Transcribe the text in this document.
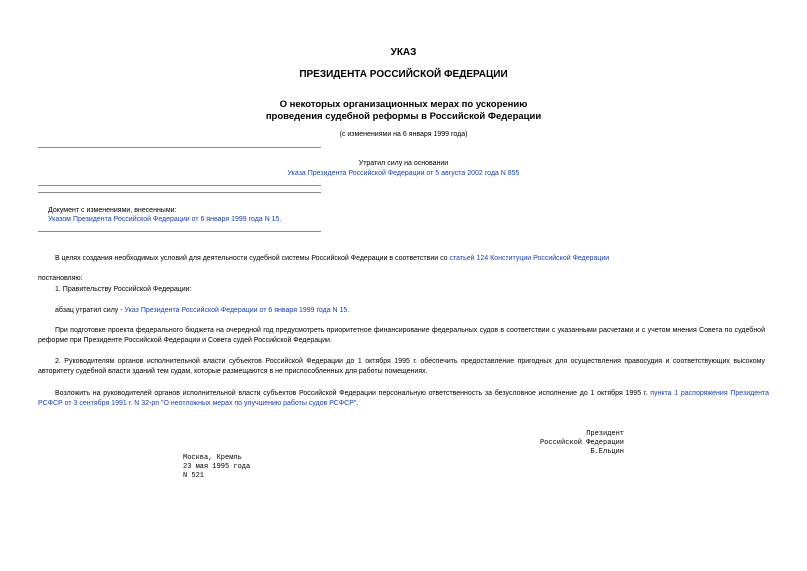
УКАЗ
ПРЕЗИДЕНТА РОССИЙСКОЙ ФЕДЕРАЦИИ
О некоторых организационных мерах по ускорению
проведения судебной реформы в Российской Федерации
(с изменениями на 6 января 1999 года)
Утратил силу на основании
Указа Президента Российской Федерации от 5 августа 2002 года N 855
Документ с изменениями, внесенными:
Указом Президента Российской Федерации от 6 января 1999 года N 15.
В целях создания необходимых условий для деятельности судебной системы Российской Федерации в соответствии со статьей 124 Конституции Российской Федерации
постановляю:
1. Правительству Российской Федерации:
абзац утратил силу - Указ Президента Российской Федерации от 6 января 1999 года N 15.
При подготовке проекта федерального бюджета на очередной год предусмотреть приоритетное финансирование федеральных судов в соответствии с указанными расчетами и с учетом мнения Совета по судебной реформе при Президенте Российской Федерации и Совета судей Российской Федерации.
2. Руководителям органов исполнительной власти субъектов Российской Федерации до 1 октября 1995 г. обеспечить предоставление пригодных для осуществления правосудия и соответствующих высокому авторитету судебной власти зданий тем судам, которые размещаются в не приспособленных для работы помещениях.
Возложить на руководителей органов исполнительной власти субъектов Российской Федерации персональную ответственность за безусловное исполнение до 1 октября 1995 г. пункта 1 распоряжения Президента РСФСР от 3 сентября 1991 г. N 32-рп "О неотложных мерах по улучшению работы судов РСФСР".
Президент
Российской Федерации
Б.Ельцин
Москва, Кремль
23 мая 1995 года
N 521
